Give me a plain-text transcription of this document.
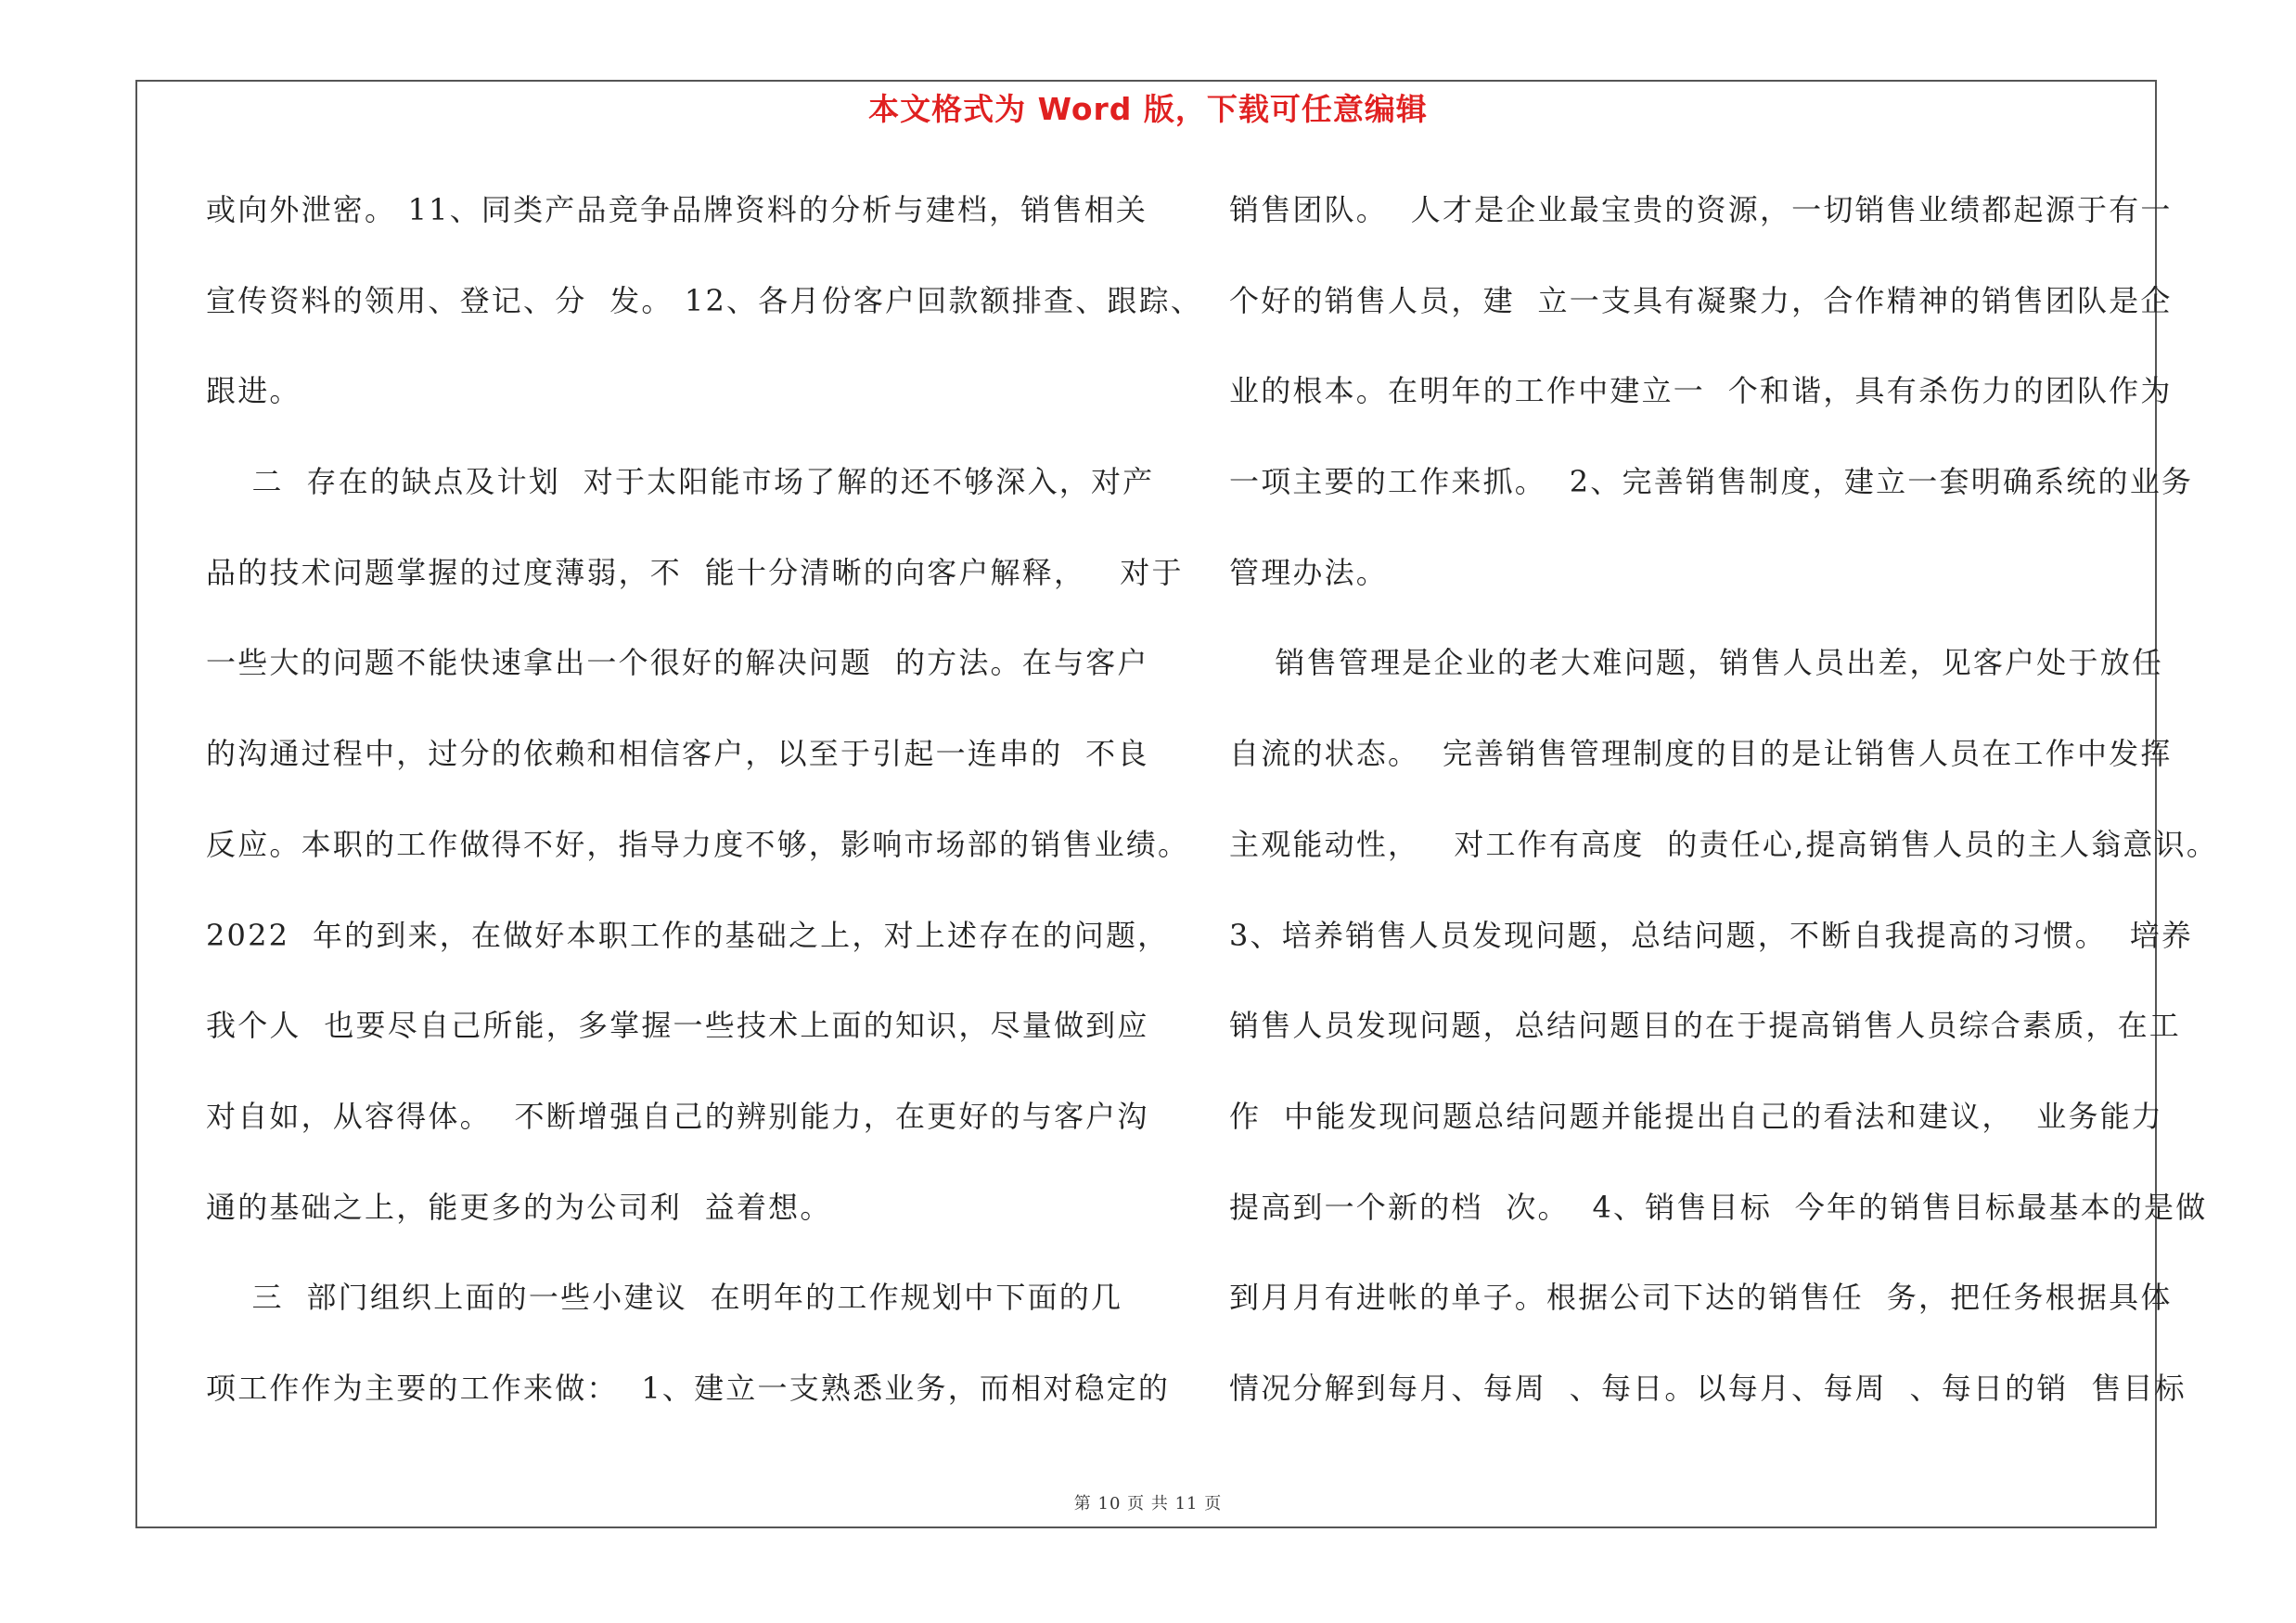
本文格式为 Word 版，下载可任意编辑
或向外泄密。 11、同类产品竞争品牌资料的分析与建档，销售相关
宣传资料的领用、登记、分  发。 12、各月份客户回款额排查、跟踪、
跟进。
二  存在的缺点及计划  对于太阳能市场了解的还不够深入，对产
品的技术问题掌握的过度薄弱，不  能十分清晰的向客户解释，   对于
一些大的问题不能快速拿出一个很好的解决问题  的方法。在与客户
的沟通过程中，过分的依赖和相信客户，以至于引起一连串的  不良
反应。本职的工作做得不好，指导力度不够，影响市场部的销售业绩。
2022  年的到来，在做好本职工作的基础之上，对上述存在的问题，
我个人  也要尽自己所能，多掌握一些技术上面的知识，尽量做到应
对自如，从容得体。  不断增强自己的辨别能力，在更好的与客户沟
通的基础之上，能更多的为公司利  益着想。
三  部门组织上面的一些小建议  在明年的工作规划中下面的几
项工作作为主要的工作来做：  1、建立一支熟悉业务，而相对稳定的
销售团队。  人才是企业最宝贵的资源，一切销售业绩都起源于有一
个好的销售人员，建  立一支具有凝聚力，合作精神的销售团队是企
业的根本。在明年的工作中建立一  个和谐，具有杀伤力的团队作为
一项主要的工作来抓。  2、完善销售制度，建立一套明确系统的业务
管理办法。
销售管理是企业的老大难问题，销售人员出差，见客户处于放任
自流的状态。  完善销售管理制度的目的是让销售人员在工作中发挥
主观能动性，   对工作有高度  的责任心,提高销售人员的主人翁意识。
3、培养销售人员发现问题，总结问题，不断自我提高的习惯。  培养
销售人员发现问题，总结问题目的在于提高销售人员综合素质，在工
作  中能发现问题总结问题并能提出自己的看法和建议，  业务能力
提高到一个新的档  次。  4、销售目标  今年的销售目标最基本的是做
到月月有进帐的单子。根据公司下达的销售任  务，把任务根据具体
情况分解到每月、每周  、每日。以每月、每周  、每日的销  售目标
第 10 页 共 11 页
